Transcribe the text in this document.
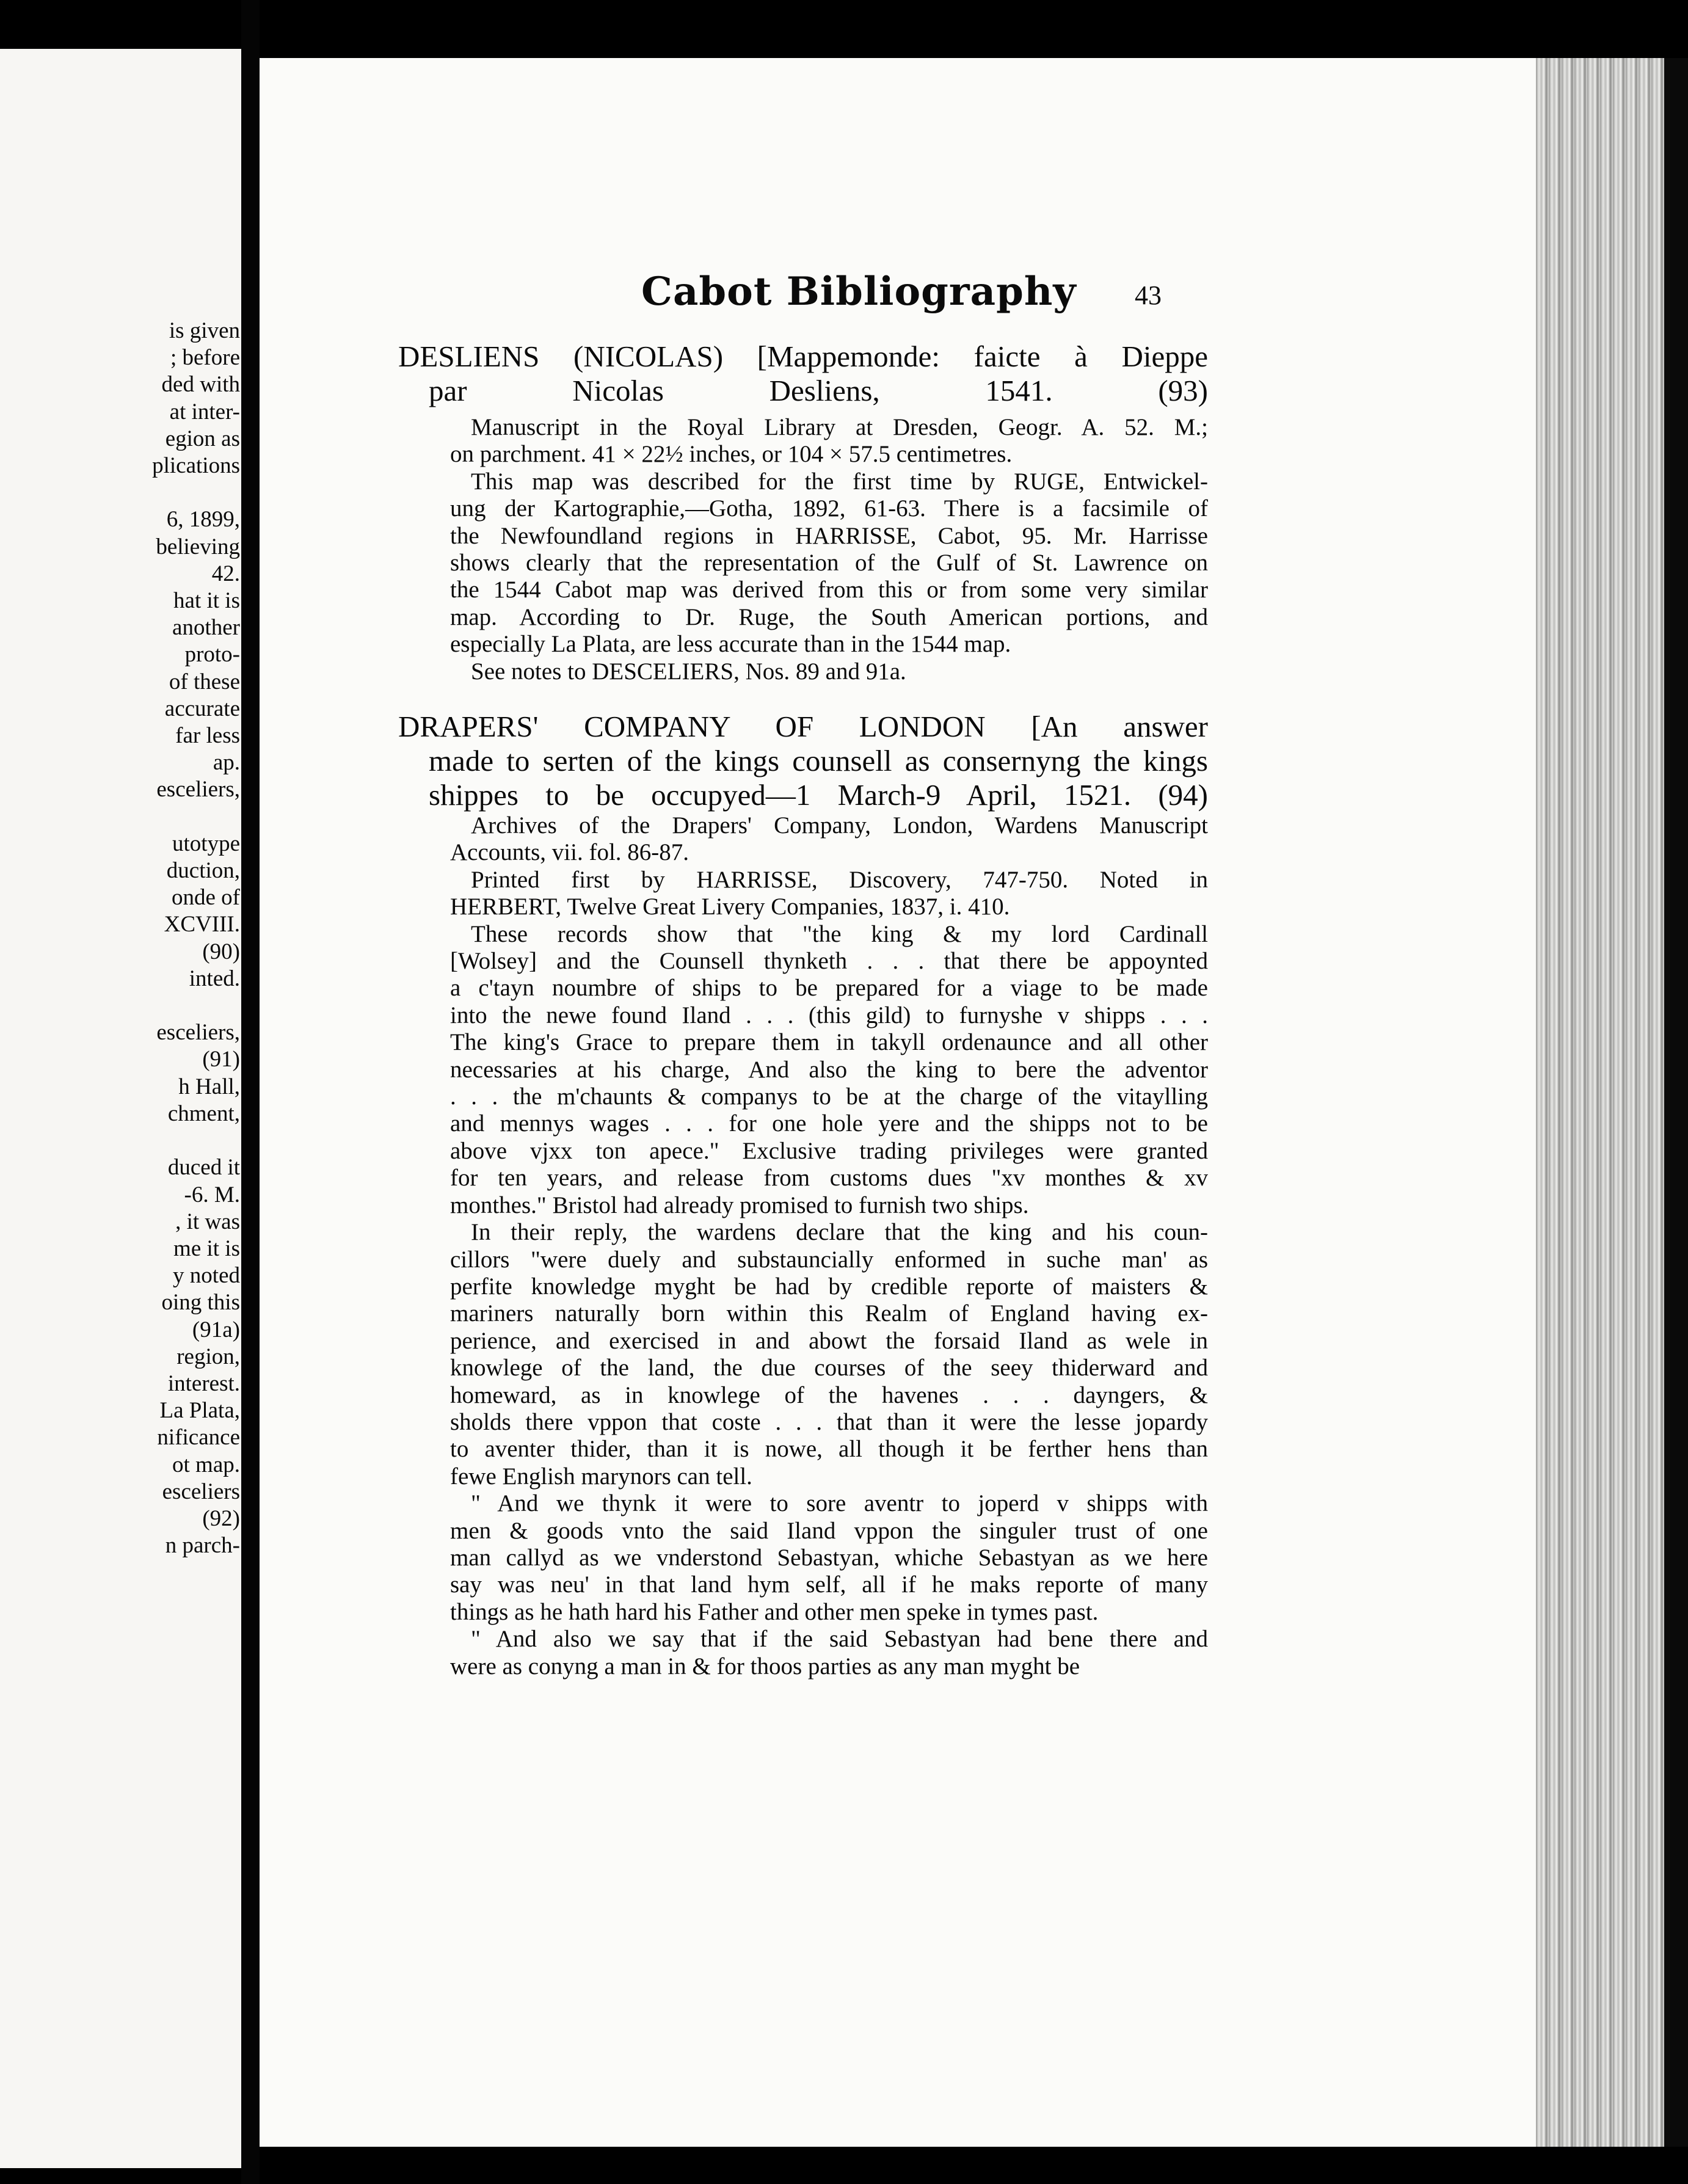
is given
; before
ded with
at inter-
egion as
plications

6, 1899,
believing
42.
hat it is
another
proto-
of these
accurate
far less
ap.
esceliers,

utotype
duction,
onde of
XCVIII.
(90)
inted.

esceliers,
(91)
h Hall,
chment,

duced it
-6. M.
, it was
me it is
y noted
oing this
(91a)
region,
interest.
La Plata,
nificance
ot map.
esceliers
(92)
n parch-
Cabot Bibliography 43
DESLIENS (NICOLAS) [Mappemonde: faicte à Dieppe
par Nicolas Desliens, 1541. (93)
Manuscript in the Royal Library at Dresden, Geogr. A. 52. M.;
on parchment. 41 × 22½ inches, or 104 × 57.5 centimetres.
This map was described for the first time by RUGE, Entwickel-
ung der Kartographie,—Gotha, 1892, 61-63. There is a facsimile of
the Newfoundland regions in HARRISSE, Cabot, 95. Mr. Harrisse
shows clearly that the representation of the Gulf of St. Lawrence on
the 1544 Cabot map was derived from this or from some very similar
map. According to Dr. Ruge, the South American portions, and
especially La Plata, are less accurate than in the 1544 map.
See notes to DESCELIERS, Nos. 89 and 91a.
DRAPERS' COMPANY OF LONDON [An answer
made to serten of the kings counsell as consernyng the kings
shippes to be occupyed—1 March-9 April, 1521. (94)
Archives of the Drapers' Company, London, Wardens Manuscript
Accounts, vii. fol. 86-87.
Printed first by HARRISSE, Discovery, 747-750. Noted in
HERBERT, Twelve Great Livery Companies, 1837, i. 410.
These records show that "the king & my lord Cardinall
[Wolsey] and the Counsell thynketh . . . that there be appoynted
a c'tayn noumbre of ships to be prepared for a viage to be made
into the newe found Iland . . . (this gild) to furnyshe v shipps . . .
The king's Grace to prepare them in takyll ordenaunce and all other
necessaries at his charge, And also the king to bere the adventor
. . . the m'chaunts & companys to be at the charge of the vitaylling
and mennys wages . . . for one hole yere and the shipps not to be
above vjxx ton apece." Exclusive trading privileges were granted
for ten years, and release from customs dues "xv monthes & xv
monthes." Bristol had already promised to furnish two ships.
In their reply, the wardens declare that the king and his coun-
cillors "were duely and substauncially enformed in suche man' as
perfite knowledge myght be had by credible reporte of maisters &
mariners naturally born within this Realm of England having ex-
perience, and exercised in and abowt the forsaid Iland as wele in
knowlege of the land, the due courses of the seey thiderward and
homeward, as in knowlege of the havenes . . . dayngers, &
sholds there vppon that coste . . . that than it were the lesse jopardy
to aventer thider, than it is nowe, all though it be ferther hens than
fewe English marynors can tell.
" And we thynk it were to sore aventr to joperd v shipps with
men & goods vnto the said Iland vppon the singuler trust of one
man callyd as we vnderstond Sebastyan, whiche Sebastyan as we here
say was neu' in that land hym self, all if he maks reporte of many
things as he hath hard his Father and other men speke in tymes past.
" And also we say that if the said Sebastyan had bene there and
were as conyng a man in & for thoos parties as any man myght be
